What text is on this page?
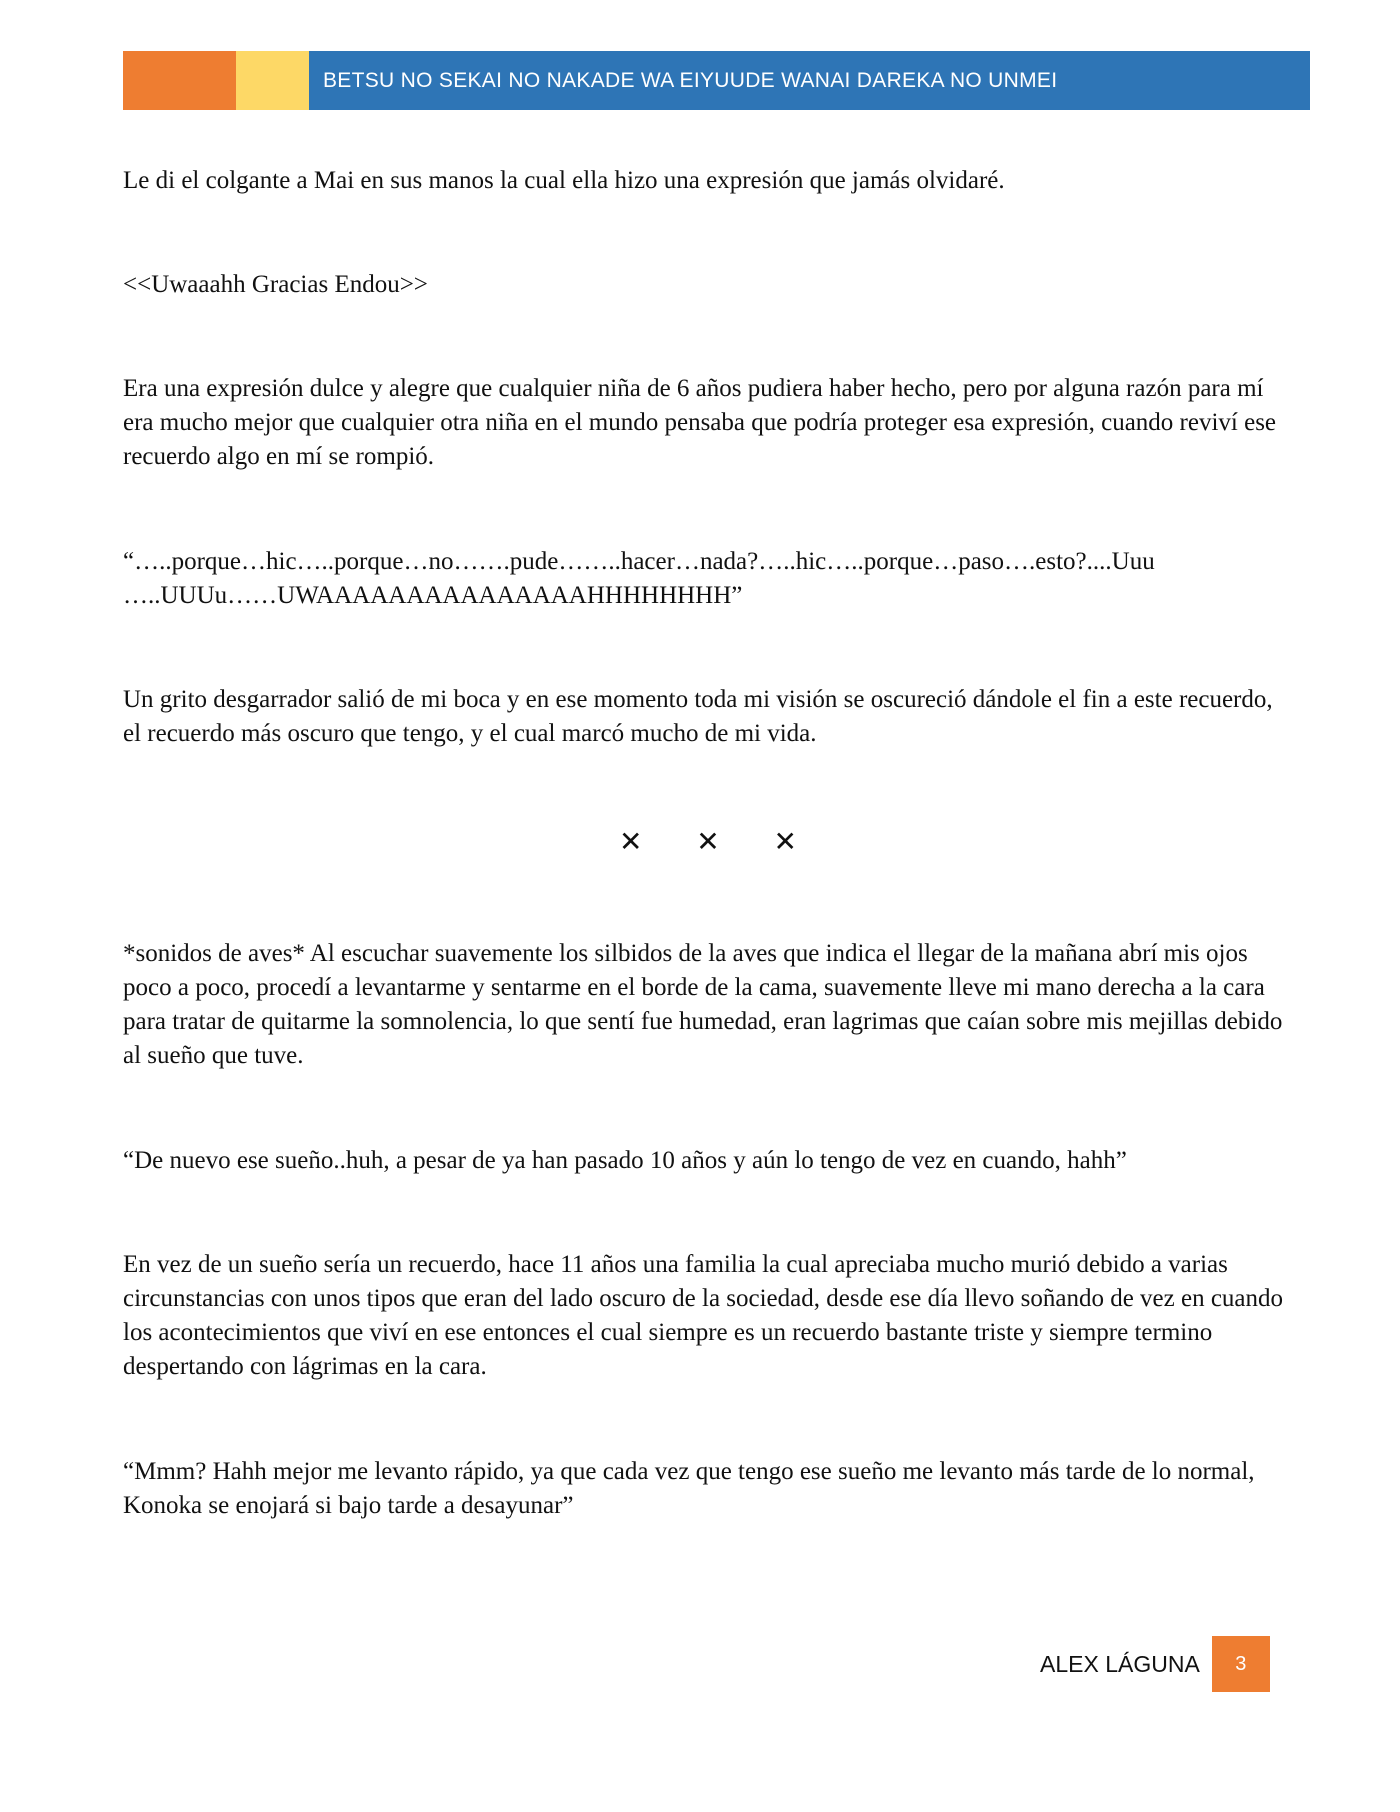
BETSU NO SEKAI NO NAKADE WA EIYUUDE WANAI DAREKA NO UNMEI

Le di el colgante a Mai en sus manos la cual ella hizo una expresión que jamás olvidaré.

<<Uwaaahh Gracias Endou>>

Era una expresión dulce y alegre que cualquier niña de 6 años pudiera haber hecho, pero por alguna razón para mí era mucho mejor que cualquier otra niña en el mundo pensaba que podría proteger esa expresión, cuando reviví ese recuerdo algo en mí se rompió.

“…..porque…hic…..porque…no…….pude……..hacer…nada?…..hic…..porque…paso….esto?....Uuu …..UUUu……UWAAAAAAAAAAAAAAAHHHHHHHH”

Un grito desgarrador salió de mi boca y en ese momento toda mi visión se oscureció dándole el fin a este recuerdo, el recuerdo más oscuro que tengo, y el cual marcó mucho de mi vida.

✕ ✕ ✕

*sonidos de aves* Al escuchar suavemente los silbidos de la aves que indica el llegar de la mañana abrí mis ojos poco a poco, procedí a levantarme y sentarme en el borde de la cama, suavemente lleve mi mano derecha a la cara para tratar de quitarme la somnolencia, lo que sentí fue humedad, eran lagrimas que caían sobre mis mejillas debido al sueño que tuve.

“De nuevo ese sueño..huh, a pesar de ya han pasado 10 años y aún lo tengo de vez en cuando, hahh”

En vez de un sueño sería un recuerdo, hace 11 años una familia la cual apreciaba mucho murió debido a varias circunstancias con unos tipos que eran del lado oscuro de la sociedad, desde ese día llevo soñando de vez en cuando los acontecimientos que viví en ese entonces el cual siempre es un recuerdo bastante triste y siempre termino despertando con lágrimas en la cara.

“Mmm? Hahh mejor me levanto rápido, ya que cada vez que tengo ese sueño me levanto más tarde de lo normal, Konoka se enojará si bajo tarde a desayunar”

ALEX LÁGUNA 3
